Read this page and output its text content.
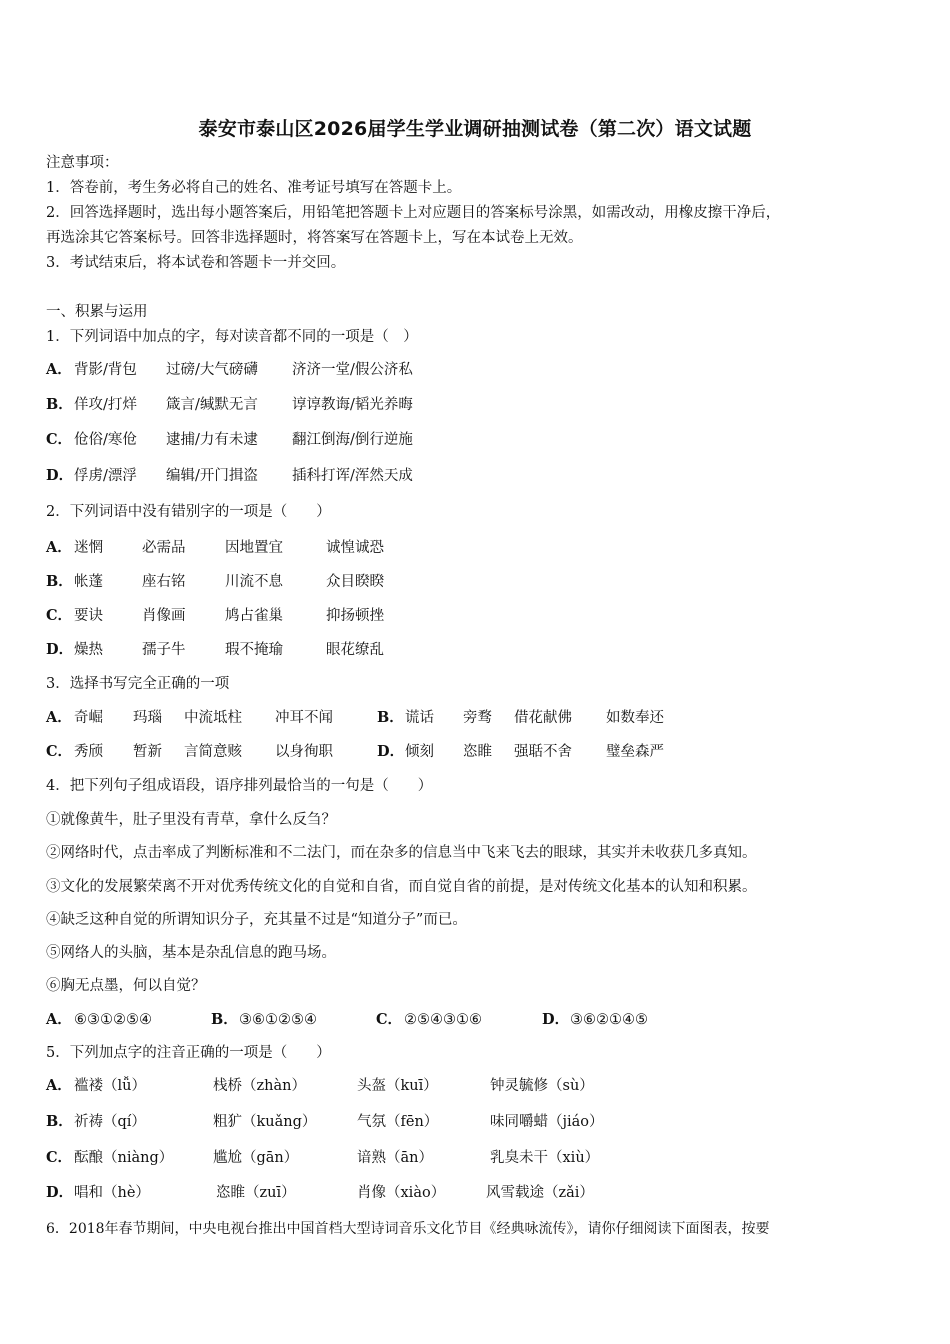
泰安市泰山区2026届学生学业调研抽测试卷（第二次）语文试题
注意事项：
1．答卷前，考生务必将自己的姓名、准考证号填写在答题卡上。
2．回答选择题时，选出每小题答案后，用铅笔把答题卡上对应题目的答案标号涂黑，如需改动，用橡皮擦干净后，
再选涂其它答案标号。回答非选择题时，将答案写在答题卡上，写在本试卷上无效。
3．考试结束后，将本试卷和答题卡一并交回。
一、积累与运用
1．下列词语中加点的字，每对读音都不同的一项是（　）
A． 背影/背包 过磅/大气磅礴 济济一堂/假公济私
B． 佯攻/打烊 箴言/缄默无言 谆谆教诲/韬光养晦
C． 伧俗/寒伧 逮捕/力有未逮 翻江倒海/倒行逆施
D． 俘虏/漂浮 编辑/开门揖盗 插科打诨/浑然天成
2．下列词语中没有错别字的一项是（　　）
A． 迷惘	必需品	因地置宜	诚惶诚恐
B． 帐蓬	座右铭	川流不息	众目睽睽
C． 要诀	肖像画	鸠占雀巢	抑扬顿挫
D． 燥热	孺子牛	瑕不掩瑜	眼花缭乱
3．选择书写完全正确的一项
A． 奇崛 玛瑙 中流坻柱 冲耳不闻	B． 谎话 旁骛 借花献佛 如数奉还
C． 秀颀 暂新 言简意赅 以身徇职	D． 倾刻 恣睢 强聒不舍 璧垒森严
4．把下列句子组成语段，语序排列最恰当的一句是（　　）
①就像黄牛，肚子里没有青草，拿什么反刍？
②网络时代，点击率成了判断标准和不二法门，而在杂多的信息当中飞来飞去的眼球，其实并未收获几多真知。
③文化的发展繁荣离不开对优秀传统文化的自觉和自省，而自觉自省的前提，是对传统文化基本的认知和积累。
④缺乏这种自觉的所谓知识分子，充其量不过是“知道分子”而已。
⑤网络人的头脑，基本是杂乱信息的跑马场。
⑥胸无点墨，何以自觉？
A． ⑥③①②⑤④	B． ③⑥①②⑤④	C． ②⑤④③①⑥	D． ③⑥②①④⑤
5．下列加点字的注音正确的一项是（　　）
A． 褴褛（lǚ）	栈桥（zhàn）	头盔（kuī）	钟灵毓修（sù）
B． 祈祷（qí）	粗犷（kuǎng）	气氛（fēn）	味同嚼蜡（jiáo）
C． 酝酿（niàng）	尴尬（gān）	谙熟（ān）	乳臭未干（xiù）
D． 唱和（hè）	恣睢（zuī）	肖像（xiào）	风雪载途（zǎi）
6．2018年春节期间，中央电视台推出中国首档大型诗词音乐文化节目《经典咏流传》，请你仔细阅读下面图表，按要
